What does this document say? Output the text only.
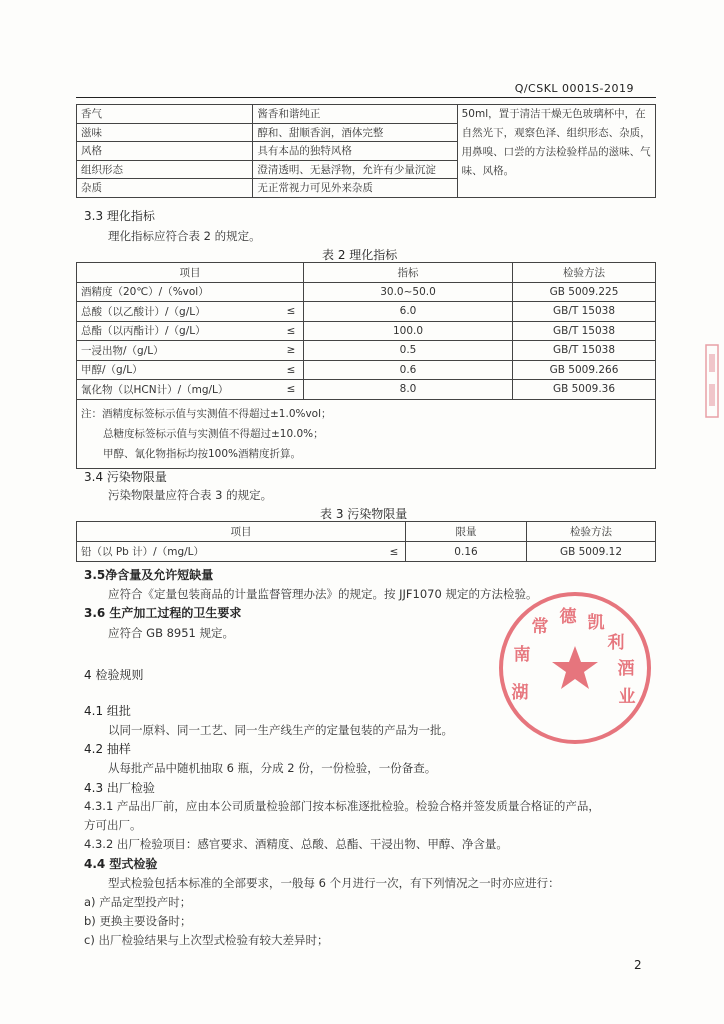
Q/CSKL 0001S-2019
香气	酱香和谐纯正	50ml，置于清洁干燥无色玻璃杯中，在自然光下，观察色泽、组织形态、杂质，用鼻嗅、口尝的方法检验样品的滋味、气味、风格。
滋味	醇和、甜顺香润，酒体完整	
风格	具有本品的独特风格	
组织形态	澄清透明、无悬浮物，允许有少量沉淀	
杂质	无正常视力可见外来杂质	
3.3 理化指标
理化指标应符合表 2 的规定。
表 2 理化指标
项目		指标	检验方法
酒精度（20℃）/（%vol）		30.0~50.0	GB 5009.225
总酸（以乙酸计）/（g/L）	≤	6.0	GB/T 15038
总酯（以丙酯计）/（g/L）	≤	100.0	GB/T 15038
一浸出物/（g/L）	≥	0.5	GB/T 15038
甲醇/（g/L）	≤	0.6	GB 5009.266
氰化物（以HCN计）/（mg/L）	≤	8.0	GB 5009.36

注：酒精度标签标示值与实测值不得超过±1.0%vol；

总糖度标签标示值与实测值不得超过±10.0%；

甲醇、氰化物指标均按100%酒精度折算。			

3.4 污染物限量
污染物限量应符合表 3 的规定。
表 3 污染物限量
项目		限量	检验方法
铅（以 Pb 计）/（mg/L）	≤	0.16	GB 5009.12
3.5净含量及允许短缺量
应符合《定量包装商品的计量监督管理办法》的规定。按 JJF1070 规定的方法检验。
3.6 生产加工过程的卫生要求
应符合 GB 8951 规定。
4 检验规则
4.1 组批
以同一原料、同一工艺、同一生产线生产的定量包装的产品为一批。
4.2 抽样
从每批产品中随机抽取 6 瓶，分成 2 份，一份检验，一份备查。
4.3 出厂检验
4.3.1 产品出厂前，应由本公司质量检验部门按本标准逐批检验。检验合格并签发质量合格证的产品，
方可出厂。
4.3.2 出厂检验项目：感官要求、酒精度、总酸、总酯、干浸出物、甲醇、净含量。
4.4 型式检验
型式检验包括本标准的全部要求，一般每 6 个月进行一次，有下列情况之一时亦应进行：
a) 产品定型投产时；
b) 更换主要设备时；
c) 出厂检验结果与上次型式检验有较大差异时；
湖 南 常 德 凯 利 酒 业
2
